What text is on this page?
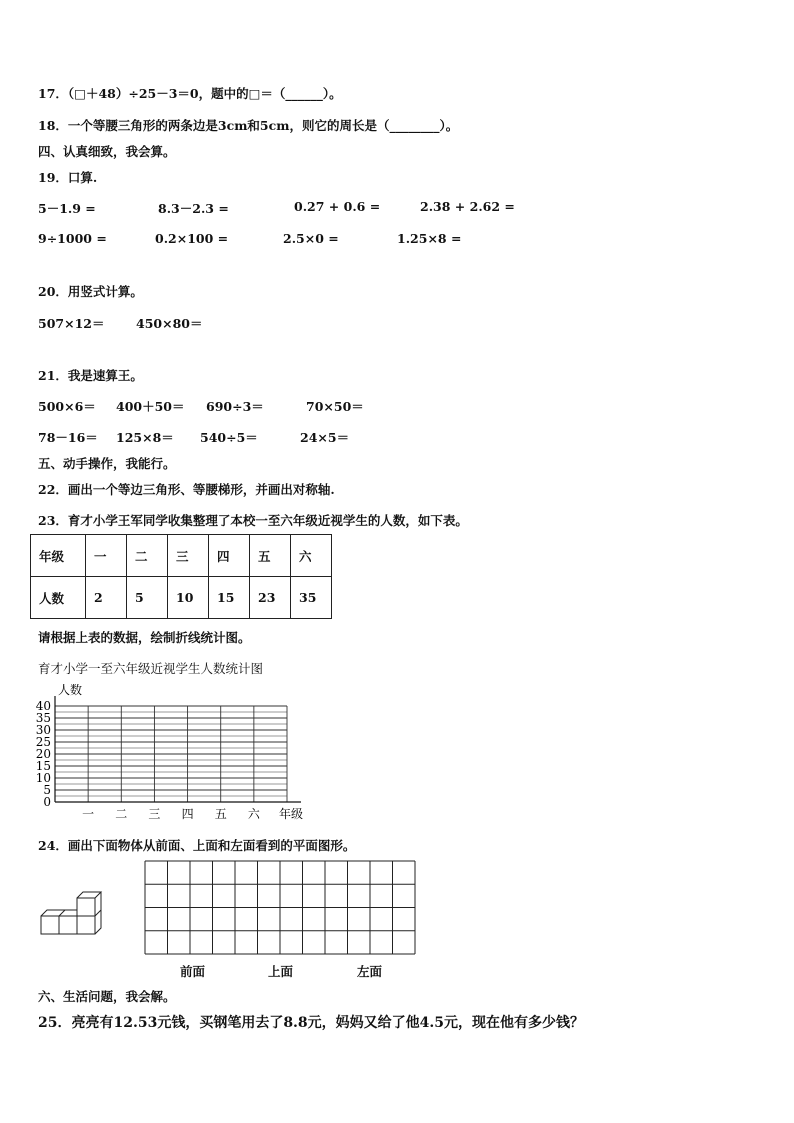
17．（□＋48）÷25－3＝0，题中的□＝（______）。
18．一个等腰三角形的两条边是3cm和5cm，则它的周长是（________）。
四、认真细致，我会算。
19．口算.
5－1.9 =	8.3－2.3 =	0.27 + 0.6 =	2.38 + 2.62 =
9÷1000 =	0.2×100 =	2.5×0 =	1.25×8 =
20．用竖式计算。
507×12＝	450×80＝
21．我是速算王。
500×6＝ 400＋50＝ 690÷3＝	70×50＝
78－16＝ 125×8＝ 540÷5＝	24×5＝
五、动手操作，我能行。
22．画出一个等边三角形、等腰梯形，并画出对称轴.
23．育才小学王军同学收集整理了本校一至六年级近视学生的人数，如下表。
年级	一	二	三	四	五	六
人数	2	5	10	15	23	35
请根据上表的数据，绘制折线统计图。
育才小学一至六年级近视学生人数统计图
0
5
10
15
20
25
30
35
40
人数
一 二 三 四 五 六 年级
24．画出下面物体从前面、上面和左面看到的平面图形。
前面	上面	左面
六、生活问题，我会解。
25．亮亮有12.53元钱，买钢笔用去了8.8元，妈妈又给了他4.5元，现在他有多少钱？
